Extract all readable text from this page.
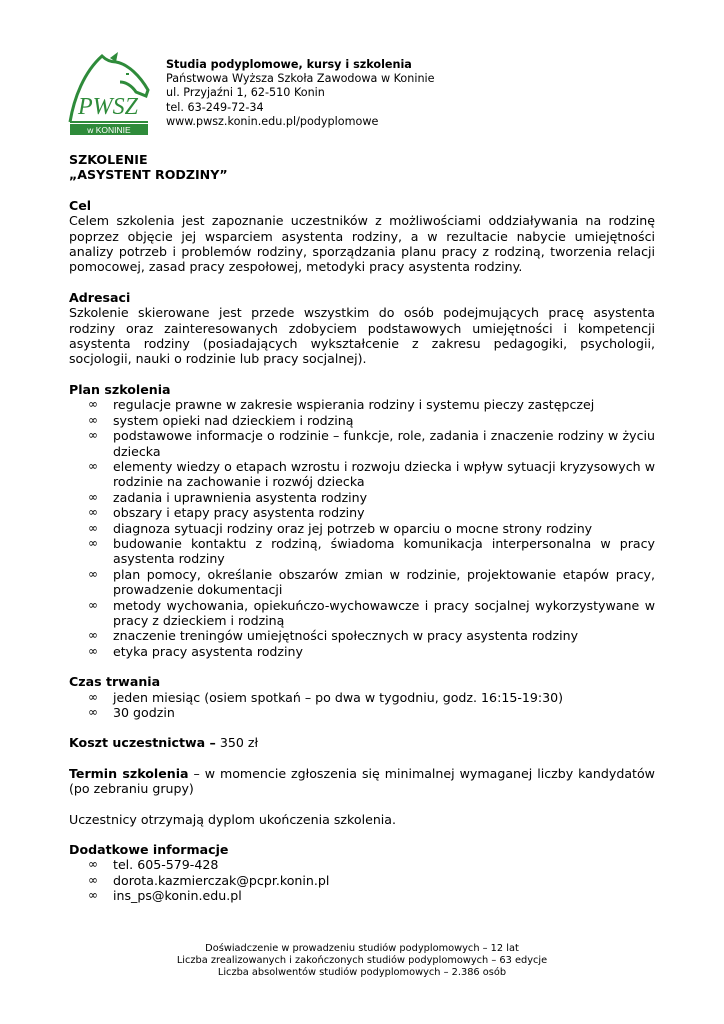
PWSZ
w KONINIE
Studia podyplomowe, kursy i szkolenia
Państwowa Wyższa Szkoła Zawodowa w Koninie
ul. Przyjaźni 1, 62-510 Konin
tel. 63-249-72-34
www.pwsz.konin.edu.pl/podyplomowe
SZKOLENIE
„ASYSTENT RODZINY”
Cel

Celem szkolenia jest zapoznanie uczestników z możliwościami oddziaływania na rodzinę poprzez objęcie jej wsparciem asystenta rodziny, a w rezultacie nabycie umiejętności analizy potrzeb i problemów rodziny, sporządzania planu pracy z rodziną, tworzenia relacji pomocowej, zasad pracy zespołowej, metodyki pracy asystenta rodziny.

Adresaci

Szkolenie skierowane jest przede wszystkim do osób podejmujących pracę asystenta rodziny oraz zainteresowanych zdobyciem podstawowych umiejętności i kompetencji asystenta rodziny (posiadających wykształcenie z zakresu pedagogiki, psychologii, socjologii, nauki o rodzinie lub pracy socjalnej).

Plan szkolenia
∞ regulacje prawne w zakresie wspierania rodziny i systemu pieczy zastępczej
∞ system opieki nad dzieckiem i rodziną
∞ podstawowe informacje o rodzinie – funkcje, role, zadania i znaczenie rodziny w życiu dziecka
∞ elementy wiedzy o etapach wzrostu i rozwoju dziecka i wpływ sytuacji kryzysowych w rodzinie na zachowanie i rozwój dziecka
∞ zadania i uprawnienia asystenta rodziny
∞ obszary i etapy pracy asystenta rodziny
∞ diagnoza sytuacji rodziny oraz jej potrzeb w oparciu o mocne strony rodziny
∞ budowanie kontaktu z rodziną, świadoma komunikacja interpersonalna w pracy asystenta rodziny
∞ plan pomocy, określanie obszarów zmian w rodzinie, projektowanie etapów pracy, prowadzenie dokumentacji
∞ metody wychowania, opiekuńczo-wychowawcze i pracy socjalnej wykorzystywane w pracy z dzieckiem i rodziną
∞ znaczenie treningów umiejętności społecznych w pracy asystenta rodziny
∞ etyka pracy asystenta rodziny
Czas trwania
∞ jeden miesiąc (osiem spotkań – po dwa w tygodniu, godz. 16:15-19:30)
∞ 30 godzin
Koszt uczestnictwa – 350 zł
Termin szkolenia – w momencie zgłoszenia się minimalnej wymaganej liczby kandydatów (po zebraniu grupy)
Uczestnicy otrzymają dyplom ukończenia szkolenia.
Dodatkowe informacje
∞ tel. 605-579-428
∞ dorota.kazmierczak@pcpr.konin.pl
∞ ins_ps@konin.edu.pl
Doświadczenie w prowadzeniu studiów podyplomowych – 12 lat
Liczba zrealizowanych i zakończonych studiów podyplomowych – 63 edycje
Liczba absolwentów studiów podyplomowych – 2.386 osób
